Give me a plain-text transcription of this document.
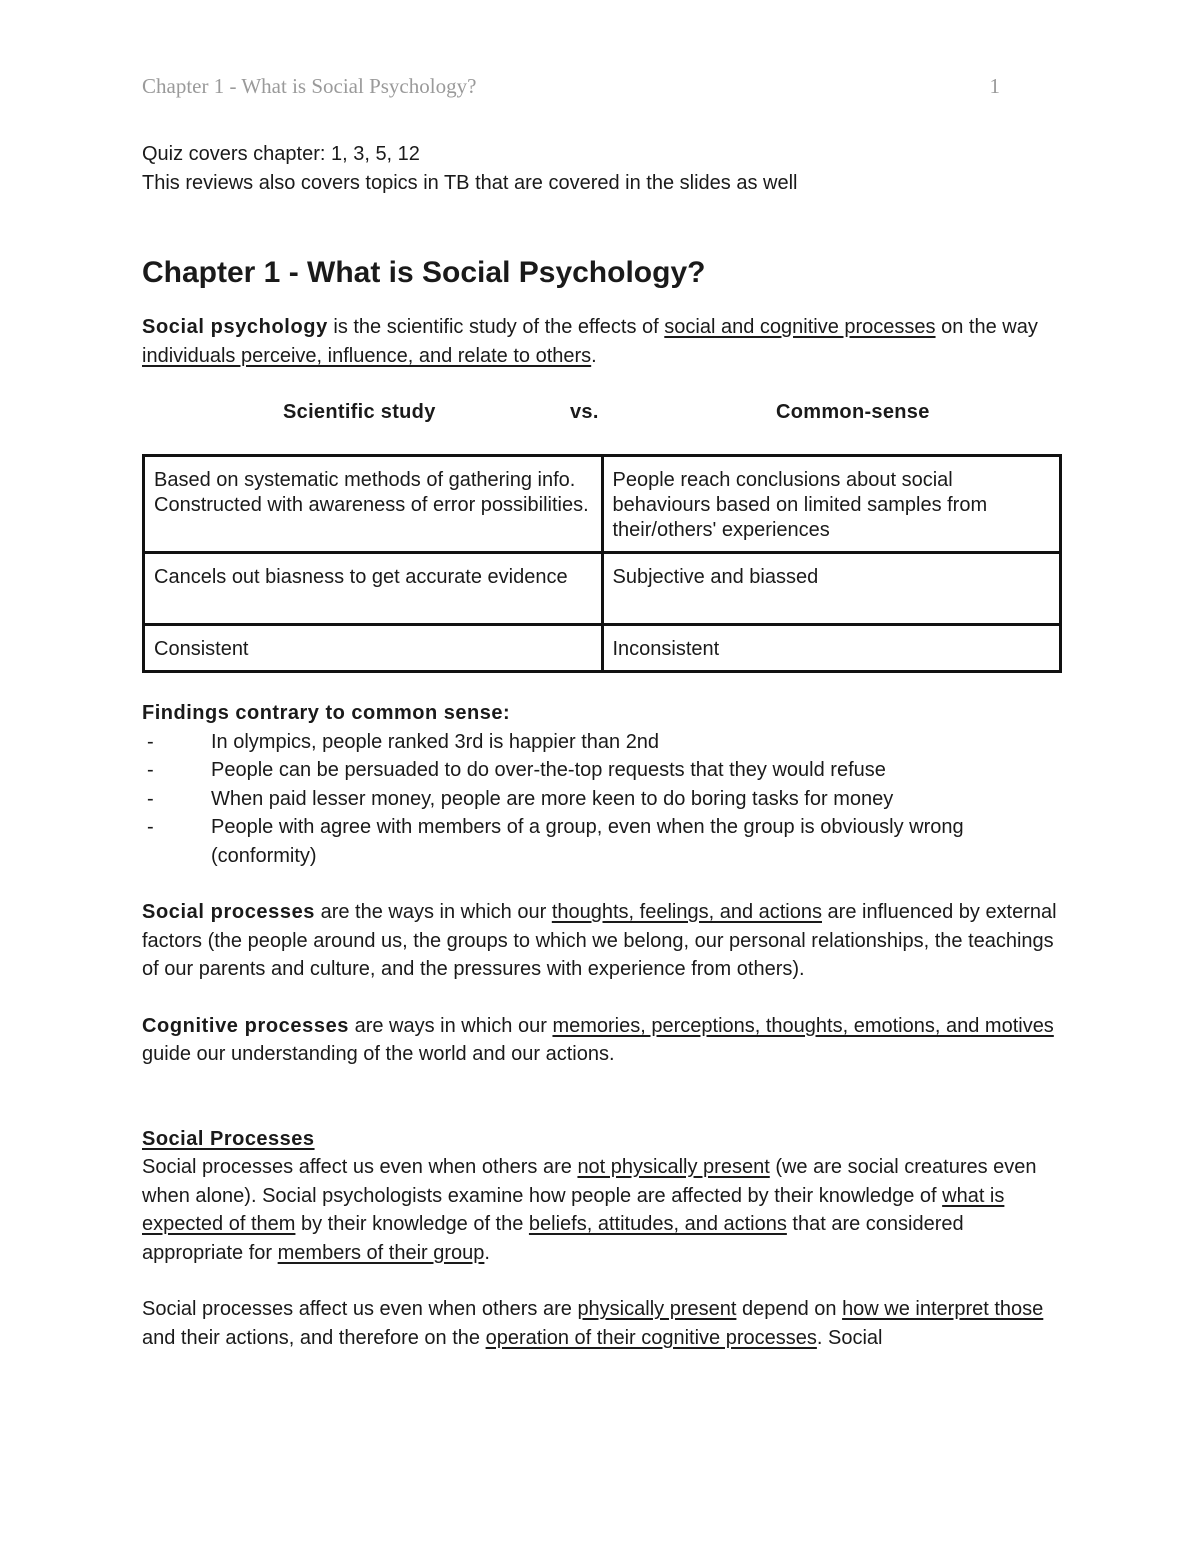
Chapter 1 - What is Social Psychology?	1

Quiz covers chapter: 1, 3, 5, 12

This reviews also covers topics in TB that are covered in the slides as well

Chapter 1 - What is Social Psychology?

Social psychology is the scientific study of the effects of social and cognitive processes on the way individuals perceive, influence, and relate to others.

Scientific study	vs.	Common-sense
Based on systematic methods of gathering info. Constructed with awareness of error possibilities.	People reach conclusions about social behaviours based on limited samples from their/others' experiences
Cancels out biasness to get accurate evidence	Subjective and biassed
Consistent	Inconsistent

Findings contrary to common sense:

-	In olympics, people ranked 3rd is happier than 2nd
-	People can be persuaded to do over-the-top requests that they would refuse
-	When paid lesser money, people are more keen to do boring tasks for money
-	People with agree with members of a group, even when the group is obviously wrong (conformity)

Social processes are the ways in which our thoughts, feelings, and actions are influenced by external factors (the people around us, the groups to which we belong, our personal relationships, the teachings of our parents and culture, and the pressures with experience from others).

Cognitive processes are ways in which our memories, perceptions, thoughts, emotions, and motives guide our understanding of the world and our actions.

Social Processes

Social processes affect us even when others are not physically present (we are social creatures even when alone). Social psychologists examine how people are affected by their knowledge of what is expected of them by their knowledge of the beliefs, attitudes, and actions that are considered appropriate for members of their group.

Social processes affect us even when others are physically present depend on how we interpret those and their actions, and therefore on the operation of their cognitive processes. Social
